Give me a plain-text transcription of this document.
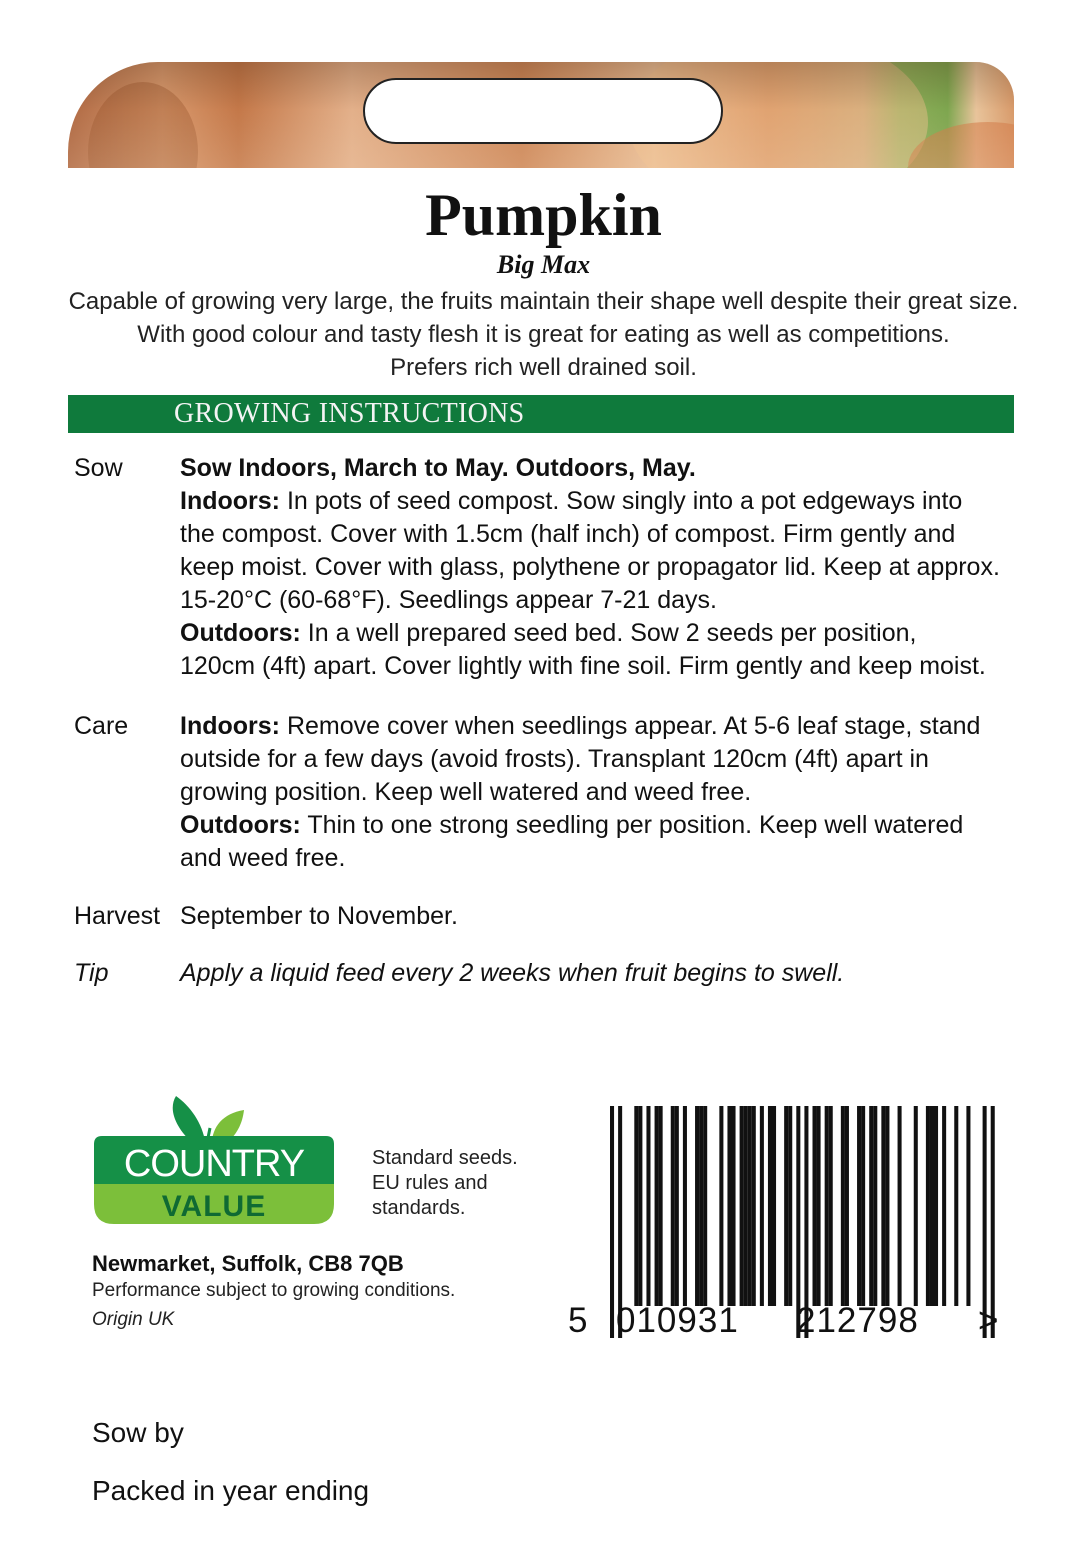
Pumpkin
Big Max
Capable of growing very large, the fruits maintain their shape well despite their great size.
With good colour and tasty flesh it is great for eating as well as competitions.
Prefers rich well drained soil.
GROWING INSTRUCTIONS
Sow Sow Indoors, March to May. Outdoors, May.
Indoors: In pots of seed compost. Sow singly into a pot edgeways into
the compost. Cover with 1.5cm (half inch) of compost. Firm gently and
keep moist. Cover with glass, polythene or propagator lid. Keep at approx.
15-20°C (60-68°F). Seedlings appear 7-21 days.
Outdoors: In a well prepared seed bed. Sow 2 seeds per position,
120cm (4ft) apart. Cover lightly with fine soil. Firm gently and keep moist.
Care Indoors: Remove cover when seedlings appear. At 5-6 leaf stage, stand
outside for a few days (avoid frosts). Transplant 120cm (4ft) apart in
growing position. Keep well watered and weed free.
Outdoors: Thin to one strong seedling per position. Keep well watered
and weed free.
Harvest September to November.
Tip	Apply a liquid feed every 2 weeks when fruit begins to swell.
COUNTRY
VALUE
Standard seeds.
EU rules and
standards.
Newmarket, Suffolk, CB8 7QB
Performance subject to growing conditions.
Origin UK	5 010931 212798 >
Sow by
Packed in year ending
